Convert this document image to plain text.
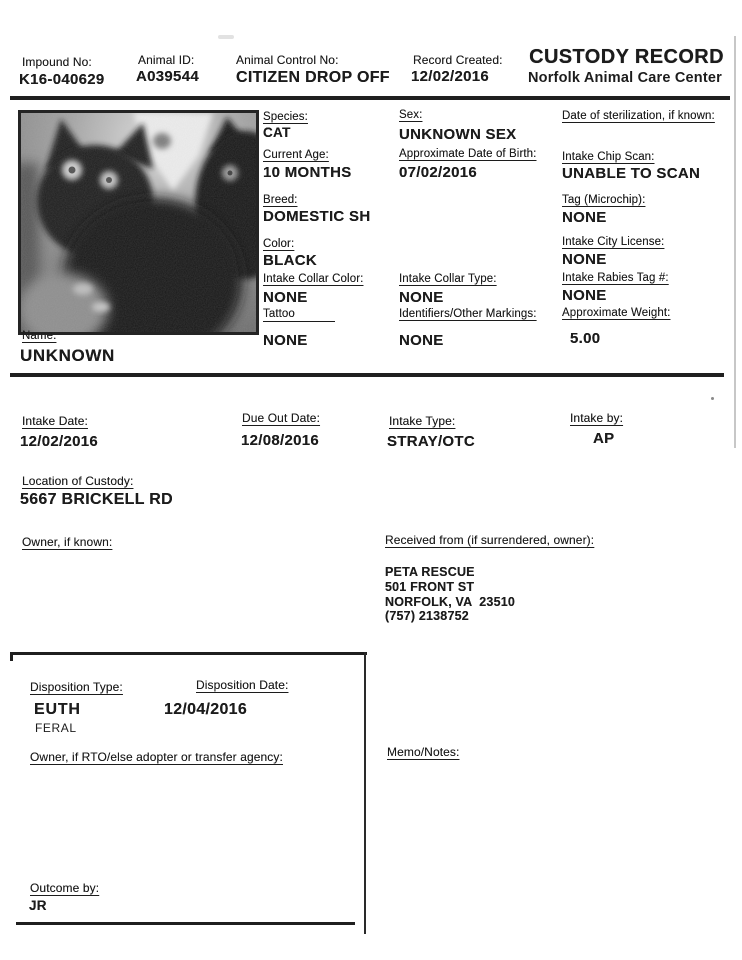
Impound No:
K16-040629
Animal ID:
A039544
Animal Control No:
CITIZEN DROP OFF
Record Created:
12/02/2016
CUSTODY RECORD
Norfolk Animal Care Center
Species:
CAT
Sex:
UNKNOWN SEX
Date of sterilization, if known:
Current Age:
10 MONTHS
Approximate Date of Birth:
07/02/2016
Intake Chip Scan:
UNABLE TO SCAN
Breed:
DOMESTIC SH
Tag (Microchip):
NONE
Color:
BLACK
Intake City License:
NONE
Intake Collar Color:
NONE
Intake Collar Type:
NONE
Intake Rabies Tag #:
NONE
Tattoo
NONE
Identifiers/Other Markings:
NONE
Approximate Weight:
5.00
Name:
UNKNOWN
Intake Date:
12/02/2016
Due Out Date:
12/08/2016
Intake Type:
STRAY/OTC
Intake by:
AP
Location of Custody:
5667 BRICKELL RD
Owner, if known:	Received from (if surrendered, owner):
PETA RESCUE
501 FRONT ST
NORFOLK, VA  23510
(757) 2138752
Disposition Type:
EUTH
FERAL
Disposition Date:
12/04/2016
Owner, if RTO/else adopter or transfer agency:	Memo/Notes:
Outcome by:
JR
